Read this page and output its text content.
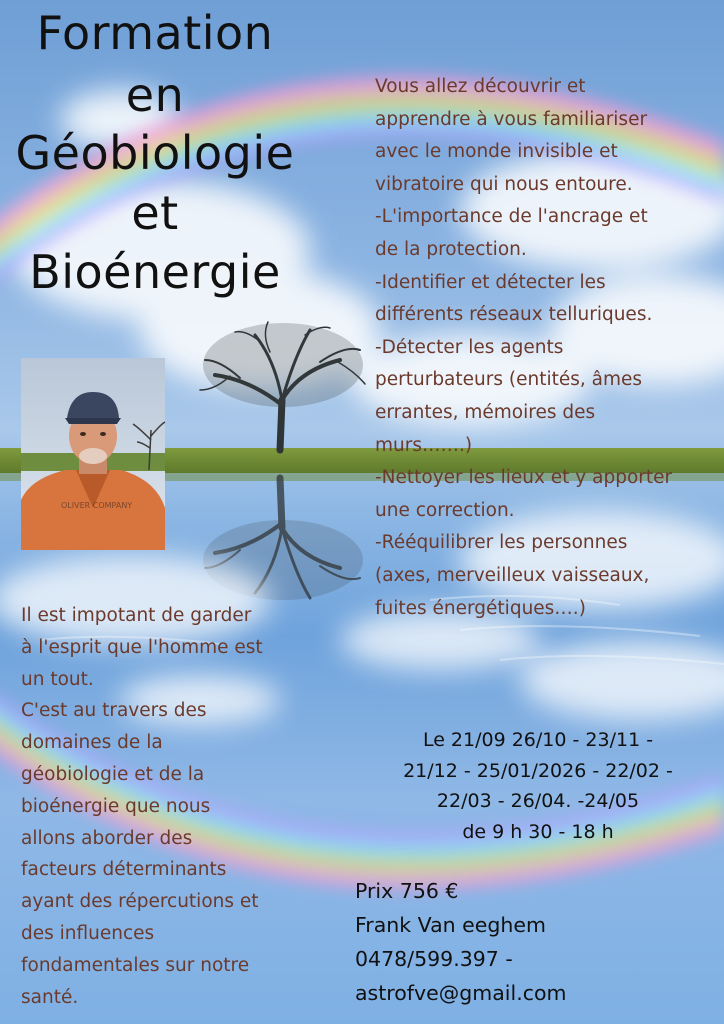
Formation
en
Géobiologie
et
Bioénergie
OLIVER COMPANY
Vous allez découvrir et
apprendre à vous familiariser
avec le monde invisible et
vibratoire qui nous entoure.
-L'importance de l'ancrage et
de la protection.
-Identifier et détecter les
différents réseaux telluriques.
-Détecter les agents
perturbateurs (entités, âmes
errantes, mémoires des
murs…….)
-Nettoyer les lieux et y apporter
une correction.
-Rééquilibrer les personnes
(axes, merveilleux vaisseaux,
fuites énergétiques….)
Il est impotant de garder
à l'esprit que l'homme est
un tout.
C'est au travers des
domaines de la
géobiologie et de la
bioénergie que nous
allons aborder des
facteurs déterminants
ayant des répercutions et
des influences
fondamentales sur notre
santé.
Le 21/09 26/10 - 23/11 -
21/12 - 25/01/2026 - 22/02 -
22/03 - 26/04. -24/05
de 9 h 30 - 18 h
Prix 756 €
Frank Van eeghem
0478/599.397 -
astrofve@gmail.com
